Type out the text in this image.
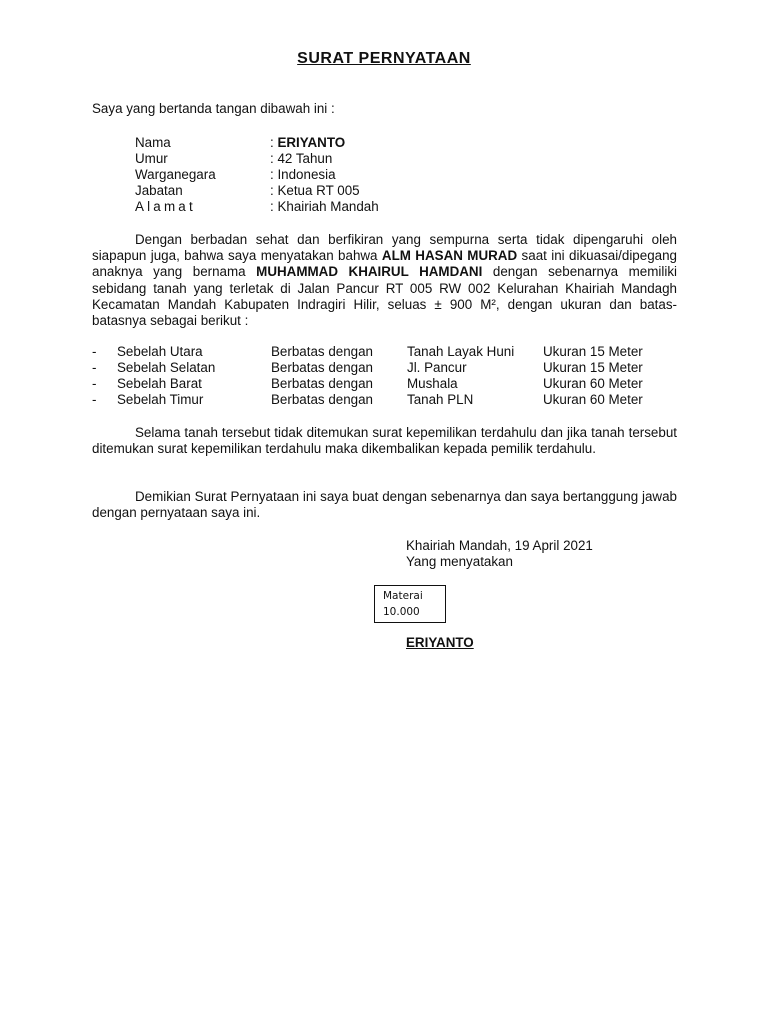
SURAT PERNYATAAN
Saya yang bertanda tangan dibawah ini :
Nama	: ERIYANTO
Umur	: 42 Tahun
Warganegara	: Indonesia
Jabatan	: Ketua RT 005
Alamat	: Khairiah Mandah
Dengan berbadan sehat dan berfikiran yang sempurna serta tidak dipengaruhi oleh siapapun juga, bahwa saya menyatakan bahwa ALM HASAN MURAD saat ini dikuasai/dipegang anaknya yang bernama MUHAMMAD KHAIRUL HAMDANI dengan sebenarnya memiliki sebidang tanah yang terletak di Jalan Pancur RT 005 RW 002 Kelurahan Khairiah Mandagh Kecamatan Mandah Kabupaten Indragiri Hilir, seluas ± 900 M², dengan ukuran dan batas-batasnya sebagai berikut :
-	Sebelah Utara	Berbatas dengan	Tanah Layak Huni	Ukuran 15 Meter
-	Sebelah Selatan	Berbatas dengan	Jl. Pancur	Ukuran 15 Meter
-	Sebelah Barat	Berbatas dengan	Mushala	Ukuran 60 Meter
-	Sebelah Timur	Berbatas dengan	Tanah PLN	Ukuran 60 Meter
Selama tanah tersebut tidak ditemukan surat kepemilikan terdahulu dan jika tanah tersebut ditemukan surat kepemilikan terdahulu maka dikembalikan kepada pemilik terdahulu.
Demikian Surat Pernyataan ini saya buat dengan sebenarnya dan saya bertanggung jawab dengan pernyataan saya ini.
Khairiah Mandah, 19 April 2021
Yang menyatakan
Materai
10.000
ERIYANTO
